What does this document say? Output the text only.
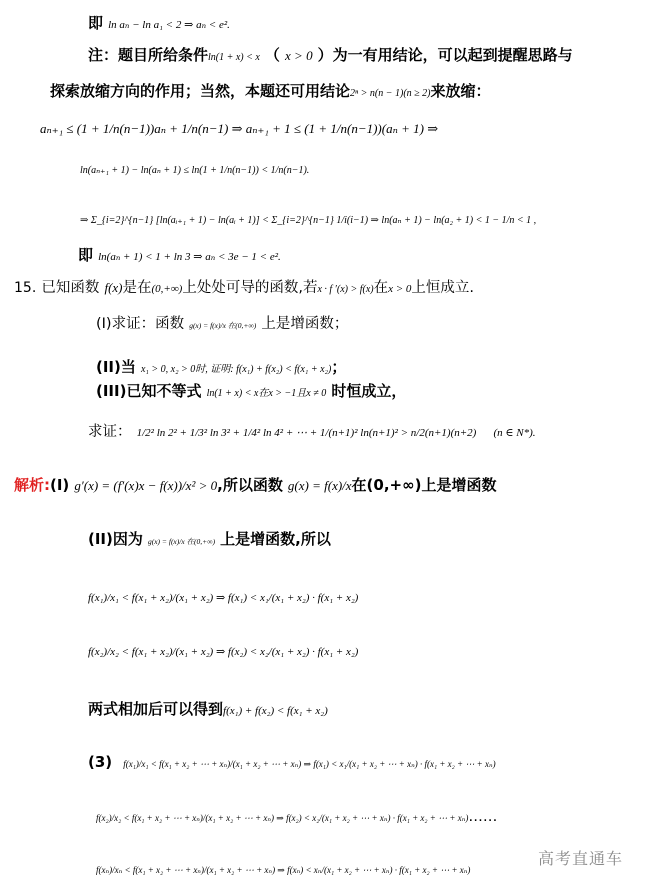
即 ln aₙ − ln a₁ < 2 ⇒ aₙ < e².
注：题目所给条件ln(1 + x) < x （ x > 0 ）为一有用结论，可以起到提醒思路与
探索放缩方向的作用；当然，本题还可用结论2ⁿ > n(n − 1)(n ≥ 2)来放缩：
aₙ₊₁ ≤ (1 + 1/n(n−1))aₙ + 1/n(n−1) ⇒ aₙ₊₁ + 1 ≤ (1 + 1/n(n−1))(aₙ + 1) ⇒
ln(aₙ₊₁ + 1) − ln(aₙ + 1) ≤ ln(1 + 1/n(n−1)) < 1/n(n−1).
⇒ Σ_{i=2}^{n−1} [ln(aᵢ₊₁ + 1) − ln(aᵢ + 1)] < Σ_{i=2}^{n−1} 1/i(i−1) ⇒ ln(aₙ + 1) − ln(a₂ + 1) < 1 − 1/n < 1 ,
即 ln(aₙ + 1) < 1 + ln 3 ⇒ aₙ < 3e − 1 < e².
15. 已知函数 f(x)是在(0,+∞)上处处可导的函数,若x · f ′(x) > f(x)在x > 0上恒成立.
(I)求证：函数 g(x) = f(x)/x 在(0,+∞) 上是增函数；
(II)当 x₁ > 0, x₂ > 0时, 证明: f(x₁) + f(x₂) < f(x₁ + x₂)；
(III)已知不等式 ln(1 + x) < x在x > −1且x ≠ 0 时恒成立，
求证： 1/2² ln 2² + 1/3² ln 3² + 1/4² ln 4² + ⋯ + 1/(n+1)² ln(n+1)² > n/2(n+1)(n+2) (n ∈ N*).
解析:(I) g′(x) = (f′(x)x − f(x))/x² > 0,所以函数 g(x) = f(x)/x在(0,+∞)上是增函数
(II)因为 g(x) = f(x)/x 在(0,+∞) 上是增函数,所以
f(x₁)/x₁ < f(x₁ + x₂)/(x₁ + x₂) ⇒ f(x₁) < x₁/(x₁ + x₂) · f(x₁ + x₂)
f(x₂)/x₂ < f(x₁ + x₂)/(x₁ + x₂) ⇒ f(x₂) < x₂/(x₁ + x₂) · f(x₁ + x₂)
两式相加后可以得到f(x₁) + f(x₂) < f(x₁ + x₂)
(3) f(x₁)/x₁ < f(x₁ + x₂ + ⋯ + xₙ)/(x₁ + x₂ + ⋯ + xₙ) ⇒ f(x₁) < x₁/(x₁ + x₂ + ⋯ + xₙ) · f(x₁ + x₂ + ⋯ + xₙ)
f(x₂)/x₂ < f(x₁ + x₂ + ⋯ + xₙ)/(x₁ + x₂ + ⋯ + xₙ) ⇒ f(x₂) < x₂/(x₁ + x₂ + ⋯ + xₙ) · f(x₁ + x₂ + ⋯ + xₙ)……
f(xₙ)/xₙ < f(x₁ + x₂ + ⋯ + xₙ)/(x₁ + x₂ + ⋯ + xₙ) ⇒ f(xₙ) < xₙ/(x₁ + x₂ + ⋯ + xₙ) · f(x₁ + x₂ + ⋯ + xₙ)
高考直通车
